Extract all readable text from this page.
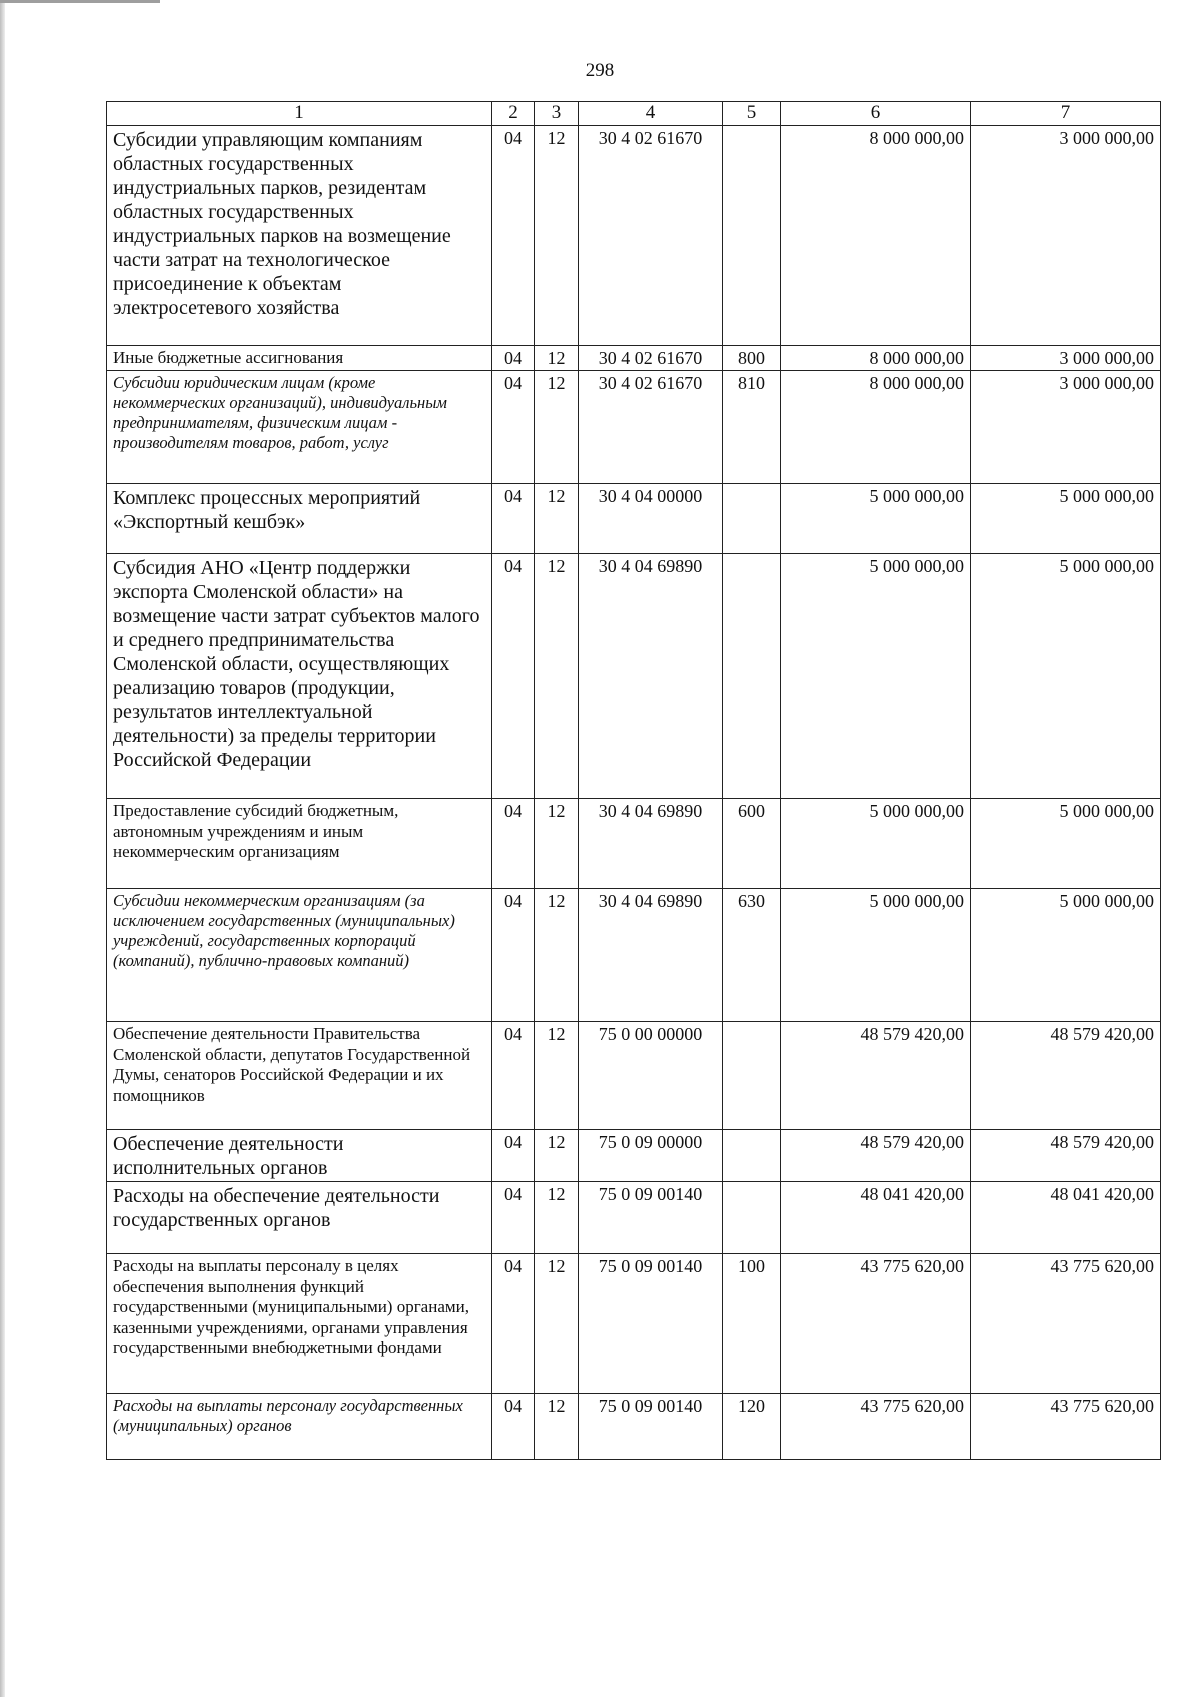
298
1	2	3	4	5	6	7
Субсидии управляющим компаниям областных государственных индустриальных парков, резидентам областных государственных индустриальных парков на возмещение части затрат на технологическое присоединение к объектам электросетевого хозяйства	04	12	30 4 02 61670		8 000 000,00	3 000 000,00
Иные бюджетные ассигнования	04	12	30 4 02 61670	800	8 000 000,00	3 000 000,00
Субсидии юридическим лицам (кроме некоммерческих организаций), индивидуальным предпринимателям, физическим лицам - производителям товаров, работ, услуг	04	12	30 4 02 61670	810	8 000 000,00	3 000 000,00
Комплекс процессных мероприятий «Экспортный кешбэк»	04	12	30 4 04 00000		5 000 000,00	5 000 000,00
Субсидия АНО «Центр поддержки экспорта Смоленской области» на возмещение части затрат субъектов малого и среднего предпринимательства Смоленской области, осуществляющих реализацию товаров (продукции, результатов интеллектуальной деятельности) за пределы территории Российской Федерации	04	12	30 4 04 69890		5 000 000,00	5 000 000,00
Предоставление субсидий бюджетным, автономным учреждениям и иным некоммерческим организациям	04	12	30 4 04 69890	600	5 000 000,00	5 000 000,00
Субсидии некоммерческим организациям (за исключением государственных (муниципальных) учреждений, государственных корпораций (компаний), публично-правовых компаний)	04	12	30 4 04 69890	630	5 000 000,00	5 000 000,00
Обеспечение деятельности Правительства Смоленской области, депутатов Государственной Думы, сенаторов Российской Федерации и их помощников	04	12	75 0 00 00000		48 579 420,00	48 579 420,00
Обеспечение деятельности исполнительных органов	04	12	75 0 09 00000		48 579 420,00	48 579 420,00
Расходы на обеспечение деятельности государственных органов	04	12	75 0 09 00140		48 041 420,00	48 041 420,00
Расходы на выплаты персоналу в целях обеспечения выполнения функций государственными (муниципальными) органами, казенными учреждениями, органами управления государственными внебюджетными фондами	04	12	75 0 09 00140	100	43 775 620,00	43 775 620,00
Расходы на выплаты персоналу государственных (муниципальных) органов	04	12	75 0 09 00140	120	43 775 620,00	43 775 620,00
